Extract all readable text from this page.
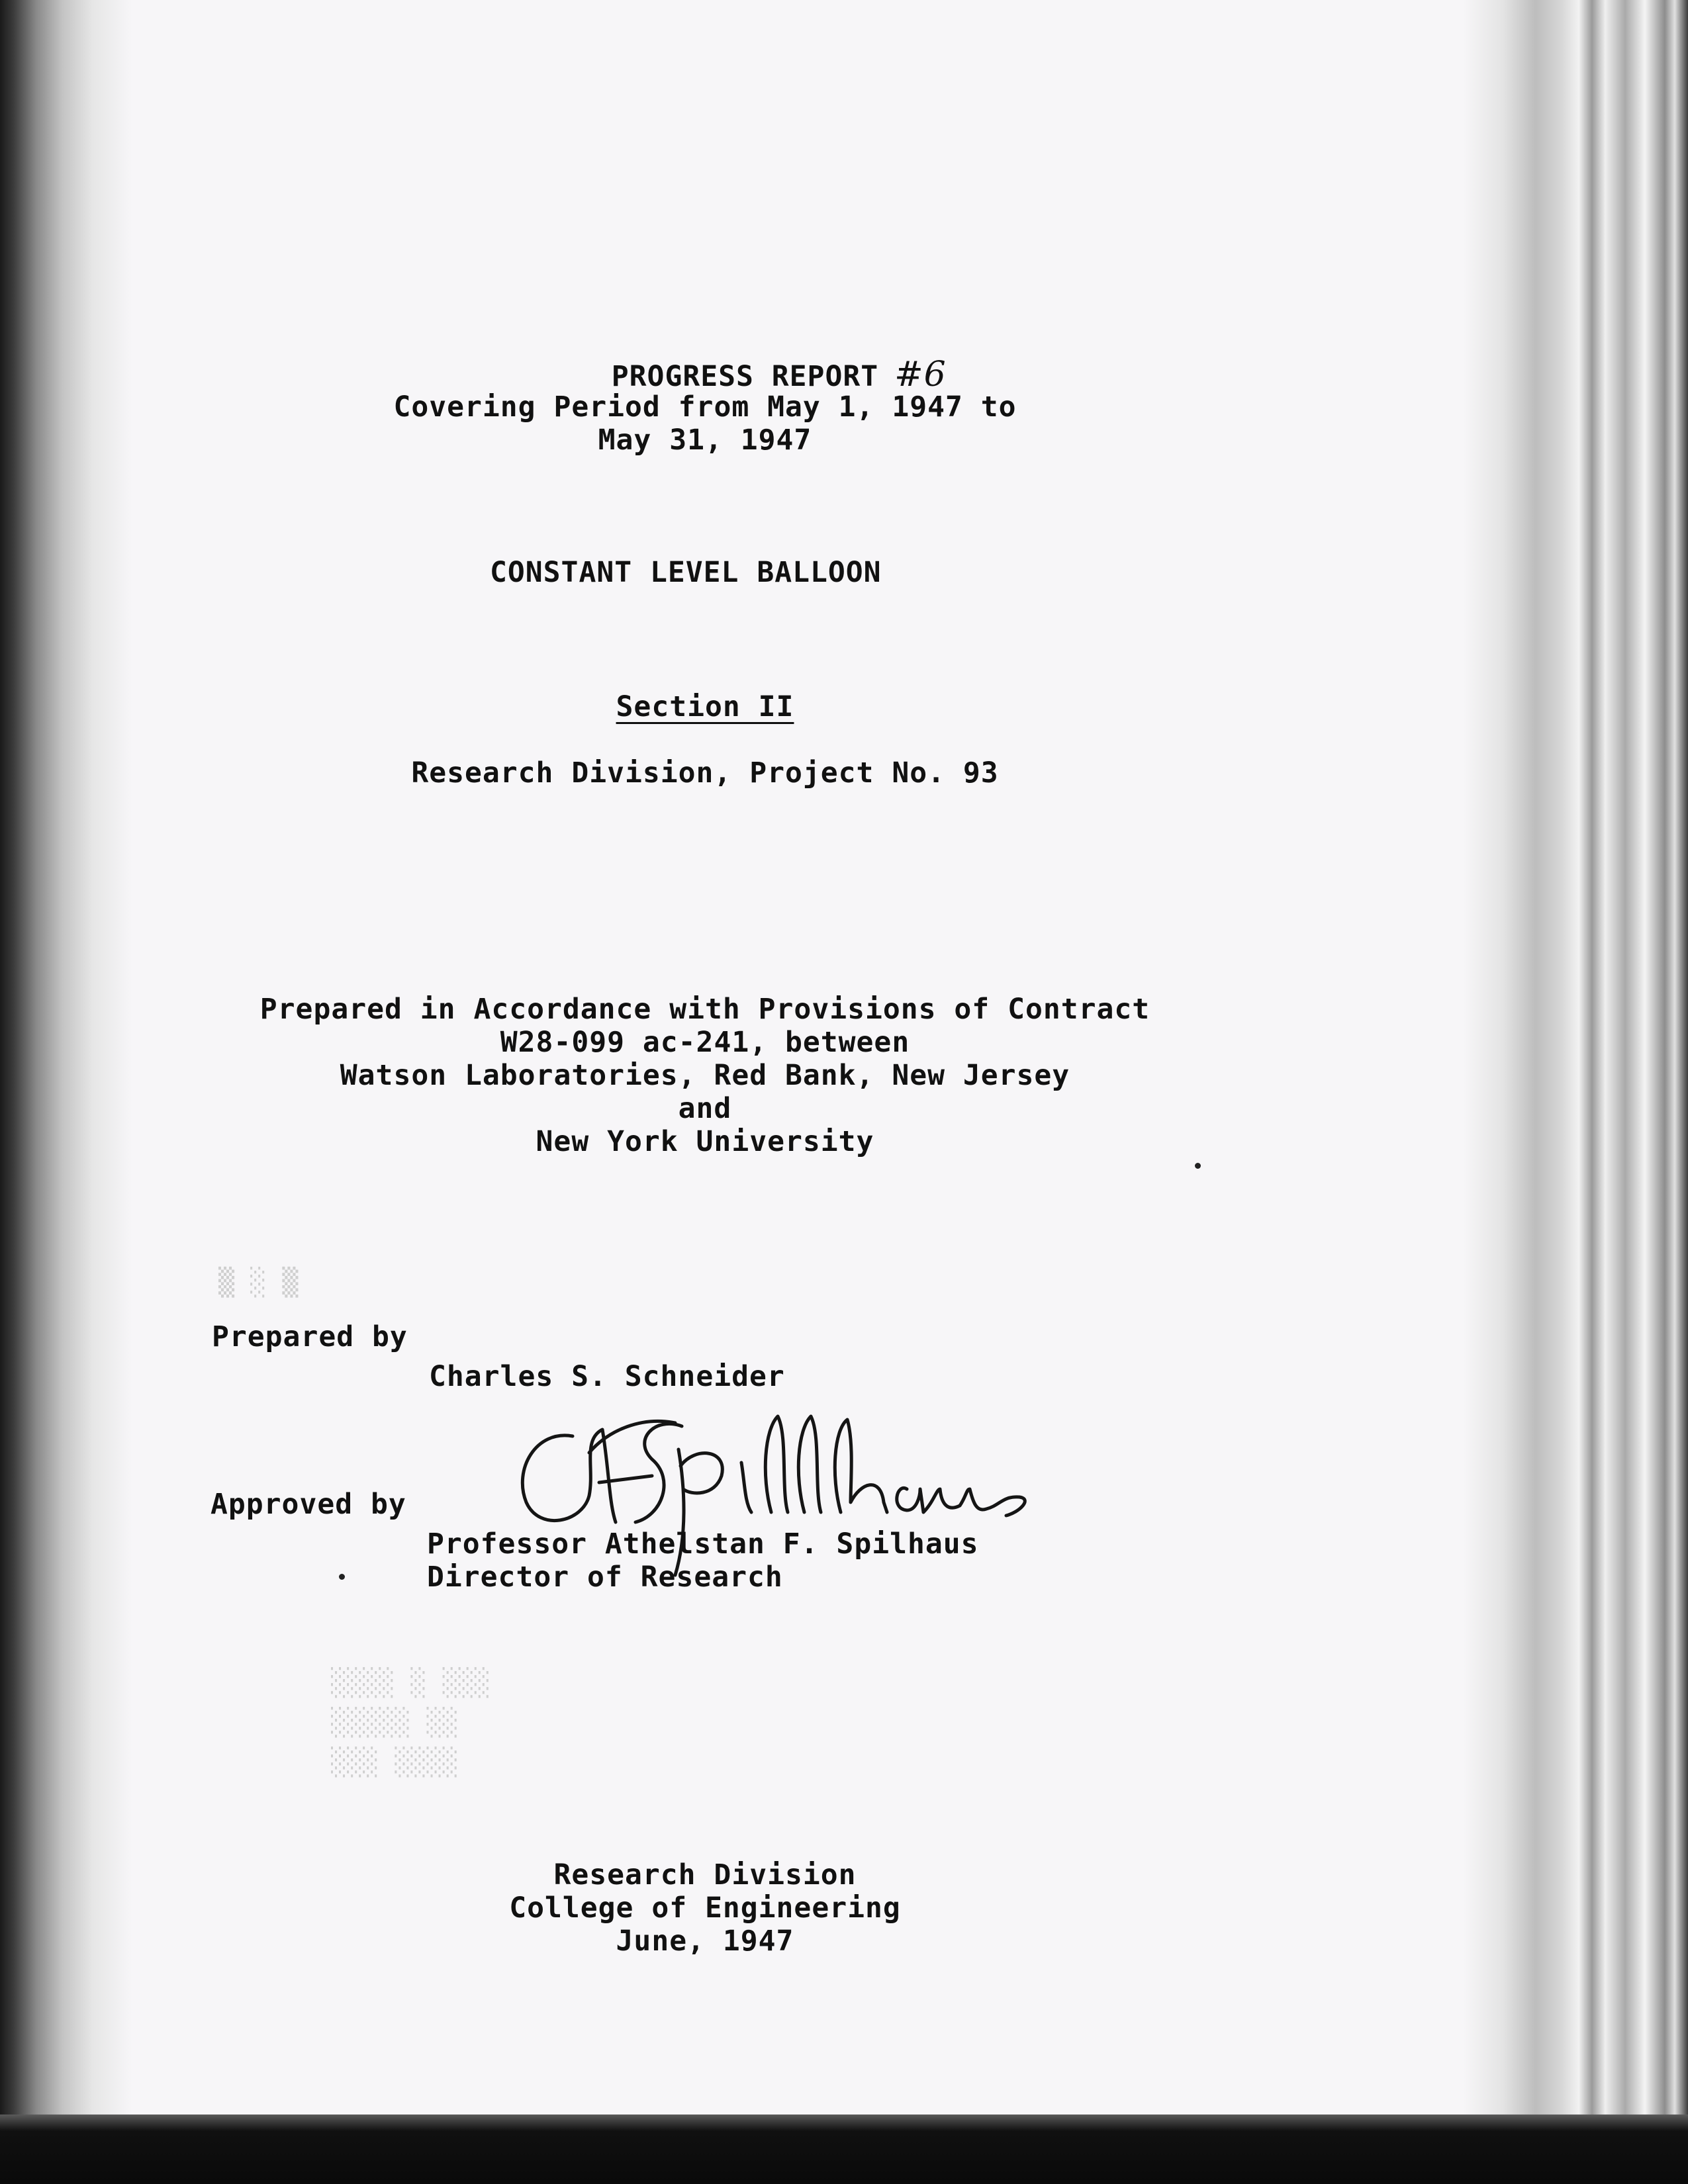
▒ ░ ▒
░░░░ ░ ░░░
░░░░░ ░░
░░░ ░░░░

PROGRESS REPORT #6

Covering Period from May 1, 1947 to
May 31, 1947
CONSTANT LEVEL BALLOON
Section II
Research Division, Project No. 93
Prepared in Accordance with Provisions of Contract
W28-099 ac-241, between
Watson Laboratories, Red Bank, New Jersey
and
New York University
Prepared by
Charles S. Schneider
Approved by
Professor Athelstan F. Spilhaus
Director of Research
Research Division
College of Engineering
June, 1947
